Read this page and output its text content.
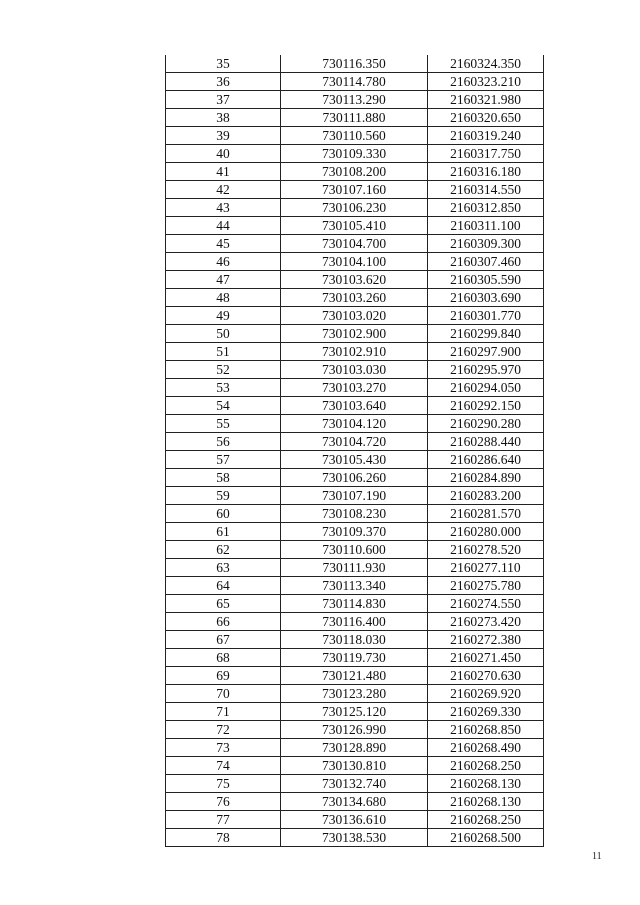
35	730116.350	2160324.350
36	730114.780	2160323.210
37	730113.290	2160321.980
38	730111.880	2160320.650
39	730110.560	2160319.240
40	730109.330	2160317.750
41	730108.200	2160316.180
42	730107.160	2160314.550
43	730106.230	2160312.850
44	730105.410	2160311.100
45	730104.700	2160309.300
46	730104.100	2160307.460
47	730103.620	2160305.590
48	730103.260	2160303.690
49	730103.020	2160301.770
50	730102.900	2160299.840
51	730102.910	2160297.900
52	730103.030	2160295.970
53	730103.270	2160294.050
54	730103.640	2160292.150
55	730104.120	2160290.280
56	730104.720	2160288.440
57	730105.430	2160286.640
58	730106.260	2160284.890
59	730107.190	2160283.200
60	730108.230	2160281.570
61	730109.370	2160280.000
62	730110.600	2160278.520
63	730111.930	2160277.110
64	730113.340	2160275.780
65	730114.830	2160274.550
66	730116.400	2160273.420
67	730118.030	2160272.380
68	730119.730	2160271.450
69	730121.480	2160270.630
70	730123.280	2160269.920
71	730125.120	2160269.330
72	730126.990	2160268.850
73	730128.890	2160268.490
74	730130.810	2160268.250
75	730132.740	2160268.130
76	730134.680	2160268.130
77	730136.610	2160268.250
78	730138.530	2160268.500
11
